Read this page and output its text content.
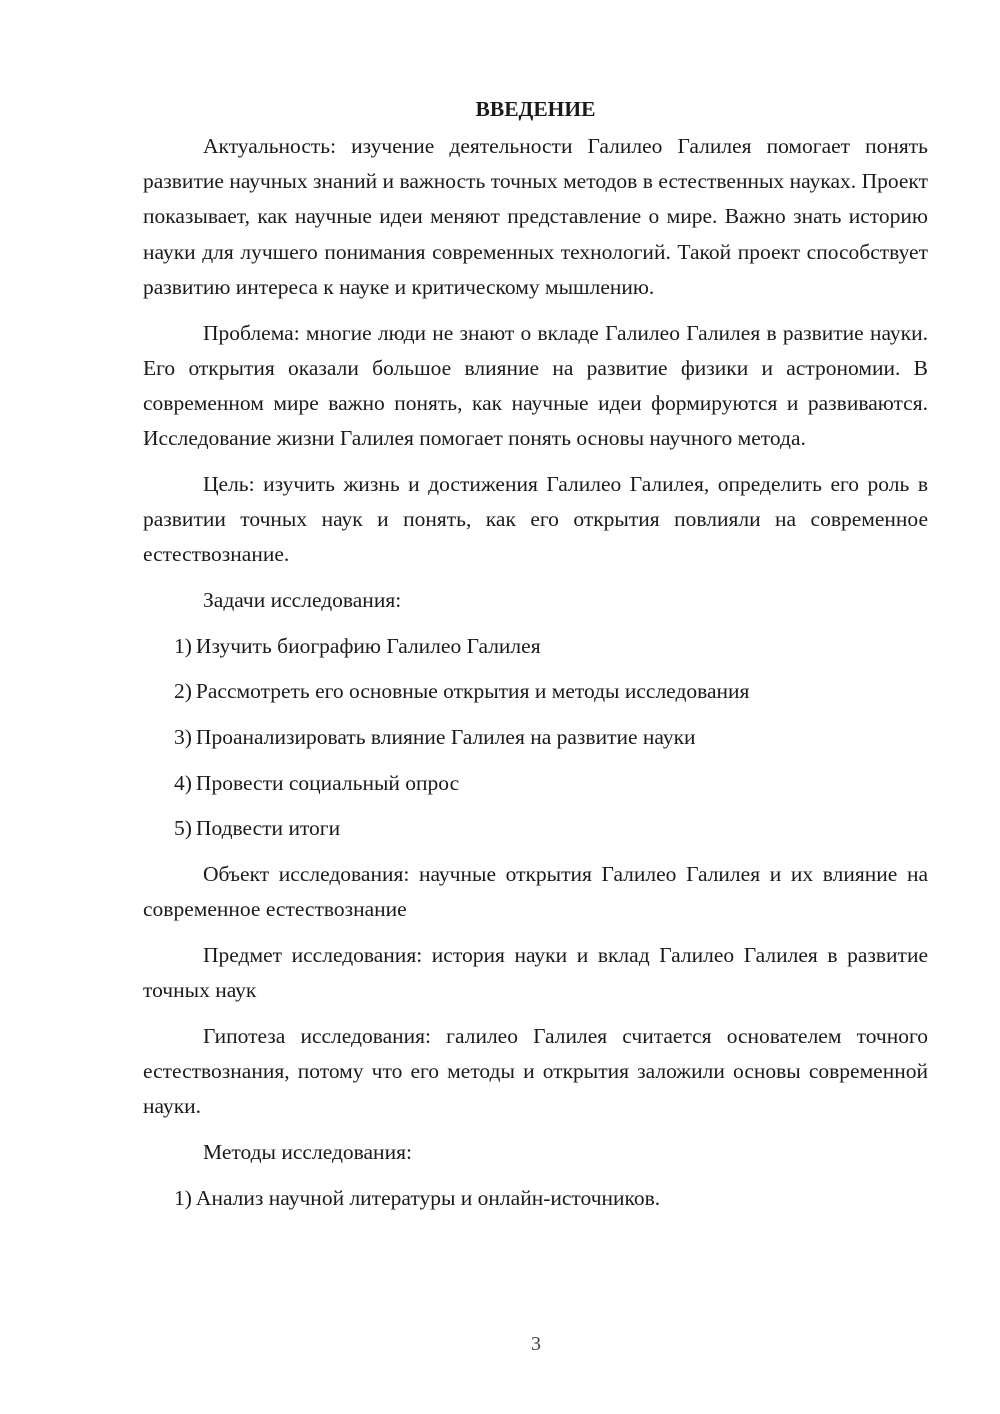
ВВЕДЕНИЕ

Актуальность: изучение деятельности Галилео Галилея помогает понять развитие научных знаний и важность точных методов в естественных науках. Проект показывает, как научные идеи меняют представление о мире. Важно знать историю науки для лучшего понимания современных технологий. Такой проект способствует развитию интереса к науке и критическому мышлению.

Проблема: многие люди не знают о вкладе Галилео Галилея в развитие науки. Его открытия оказали большое влияние на развитие физики и астрономии. В современном мире важно понять, как научные идеи формируются и развиваются. Исследование жизни Галилея помогает понять основы научного метода.

Цель: изучить жизнь и достижения Галилео Галилея, определить его роль в развитии точных наук и понять, как его открытия повлияли на современное естествознание.

Задачи исследования:

1) Изучить биографию Галилео Галилея
2) Рассмотреть его основные открытия и методы исследования
3) Проанализировать влияние Галилея на развитие науки
4) Провести социальный опрос
5) Подвести итоги

Объект исследования: научные открытия Галилео Галилея и их влияние на современное естествознание

Предмет исследования: история науки и вклад Галилео Галилея в развитие точных наук

Гипотеза исследования: галилео Галилея считается основателем точного естествознания, потому что его методы и открытия заложили основы современной науки.

Методы исследования:

1) Анализ научной литературы и онлайн-источников.
3
